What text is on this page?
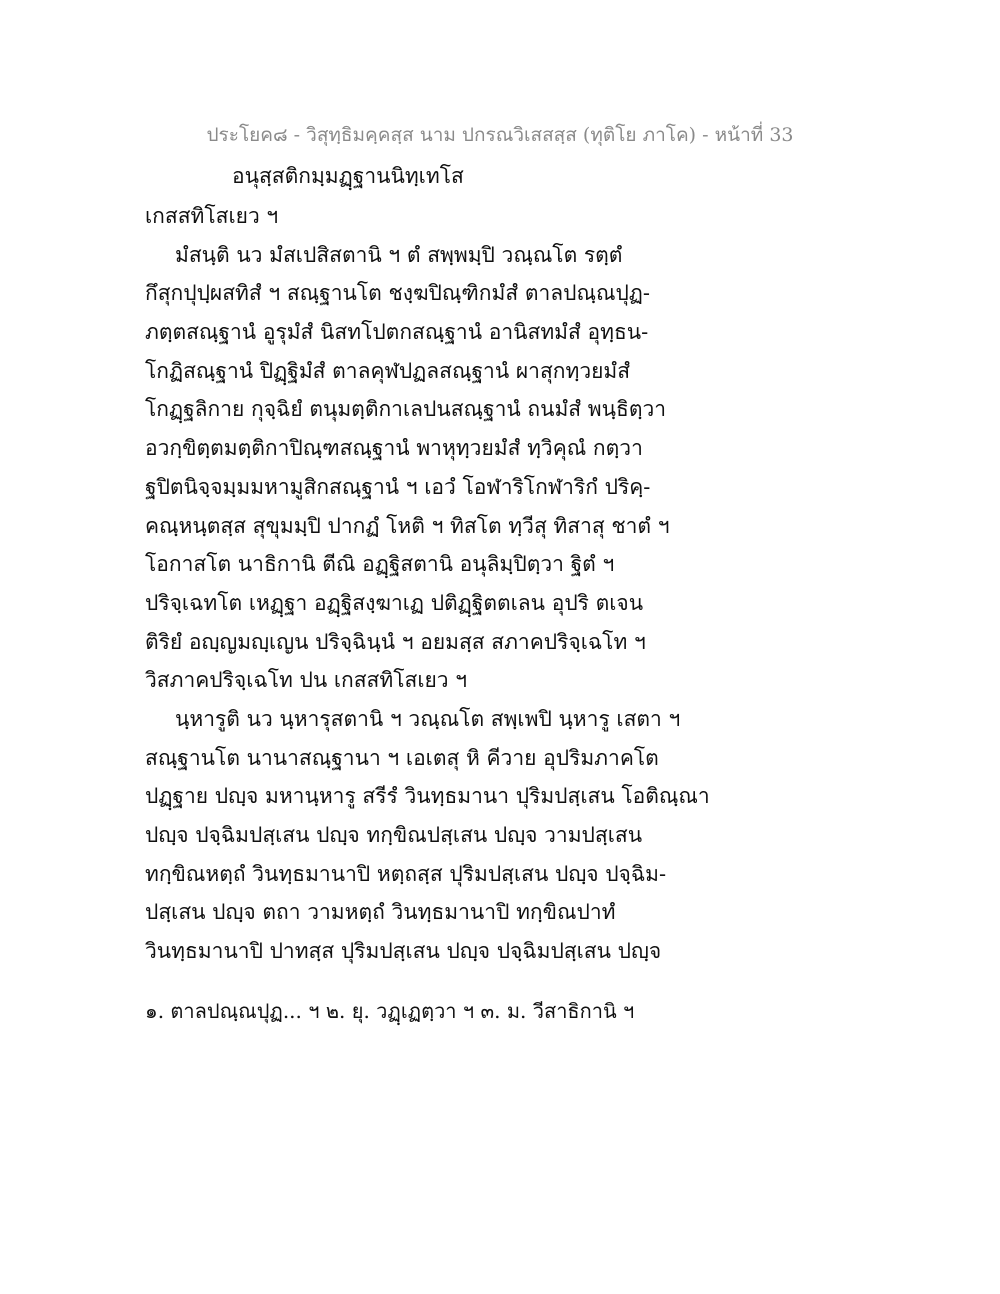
ประโยค๘ - วิสุทฺธิมคฺคสฺส นาม ปกรณวิเสสสฺส (ทุติโย ภาโค) - หน้าที่ 33
อนุสฺสติกมฺมฏฺฐานนิทฺเทโส
เกสสทิโสเยว ฯ
มํสนฺติ นว มํสเปสิสตานิ ฯ ตํ สพฺพมฺปิ วณฺณโต รตฺตํ
กึสุกปุปฺผสทิสํ ฯ สณฺฐานโต ชงฺฆปิณฺฑิกมํสํ ตาลปณฺณปุฏ-
ภตฺตสณฺฐานํ อูรุมํสํ นิสทโปตกสณฺฐานํ อานิสทมํสํ อุทฺธน-
โกฏิสณฺฐานํ ปิฏฺฐิมํสํ ตาลคุฬปฏลสณฺฐานํ ผาสุกทฺวยมํสํ
โกฏฺฐลิกาย กุจฺฉิยํ ตนุมตฺติกาเลปนสณฺฐานํ ถนมํสํ พนฺธิตฺวา
อวกฺขิตฺตมตฺติกาปิณฺฑสณฺฐานํ พาหุทฺวยมํสํ ทฺวิคุณํ กตฺวา
ฐปิตนิจฺจมฺมมหามูสิกสณฺฐานํ ฯ เอวํ โอฬาริโกฬาริกํ ปริคฺ-
คณฺหนฺตสฺส สุขุมมฺปิ ปากฏํ โหติ ฯ ทิสโต ทฺวีสุ ทิสาสุ ชาตํ ฯ
โอกาสโต นาธิกานิ ตีณิ อฏฺฐิสตานิ อนุลิมฺปิตฺวา ฐิตํ ฯ
ปริจฺเฉทโต เหฏฺฐา อฏฺฐิสงฺฆาเฏ ปติฏฺฐิตตเลน อุปริ ตเจน
ติริยํ อญฺญมญฺเญน ปริจฺฉินฺนํ ฯ อยมสฺส สภาคปริจฺเฉโท ฯ
วิสภาคปริจฺเฉโท ปน เกสสทิโสเยว ฯ
นฺหารูติ นว นฺหารุสตานิ ฯ วณฺณโต สพฺเพปิ นฺหารู เสตา ฯ
สณฺฐานโต นานาสณฺฐานา ฯ เอเตสุ หิ คีวาย อุปริมภาคโต
ปฏฺฐาย ปญฺจ มหานฺหารู สรีรํ วินทฺธมานา ปุริมปสฺเสน โอติณฺณา
ปญฺจ ปจฺฉิมปสฺเสน ปญฺจ ทกฺขิณปสฺเสน ปญฺจ วามปสฺเสน
ทกฺขิณหตฺถํ วินทฺธมานาปิ หตฺถสฺส ปุริมปสฺเสน ปญฺจ ปจฺฉิม-
ปสฺเสน ปญฺจ ตถา วามหตฺถํ วินทฺธมานาปิ ทกฺขิณปาทํ
วินทฺธมานาปิ ปาทสฺส ปุริมปสฺเสน ปญฺจ ปจฺฉิมปสฺเสน ปญฺจ
๑. ตาลปณฺณปุฏ... ฯ ๒. ยุ. วฏฺเฏตฺวา ฯ ๓. ม. วีสาธิกานิ ฯ
